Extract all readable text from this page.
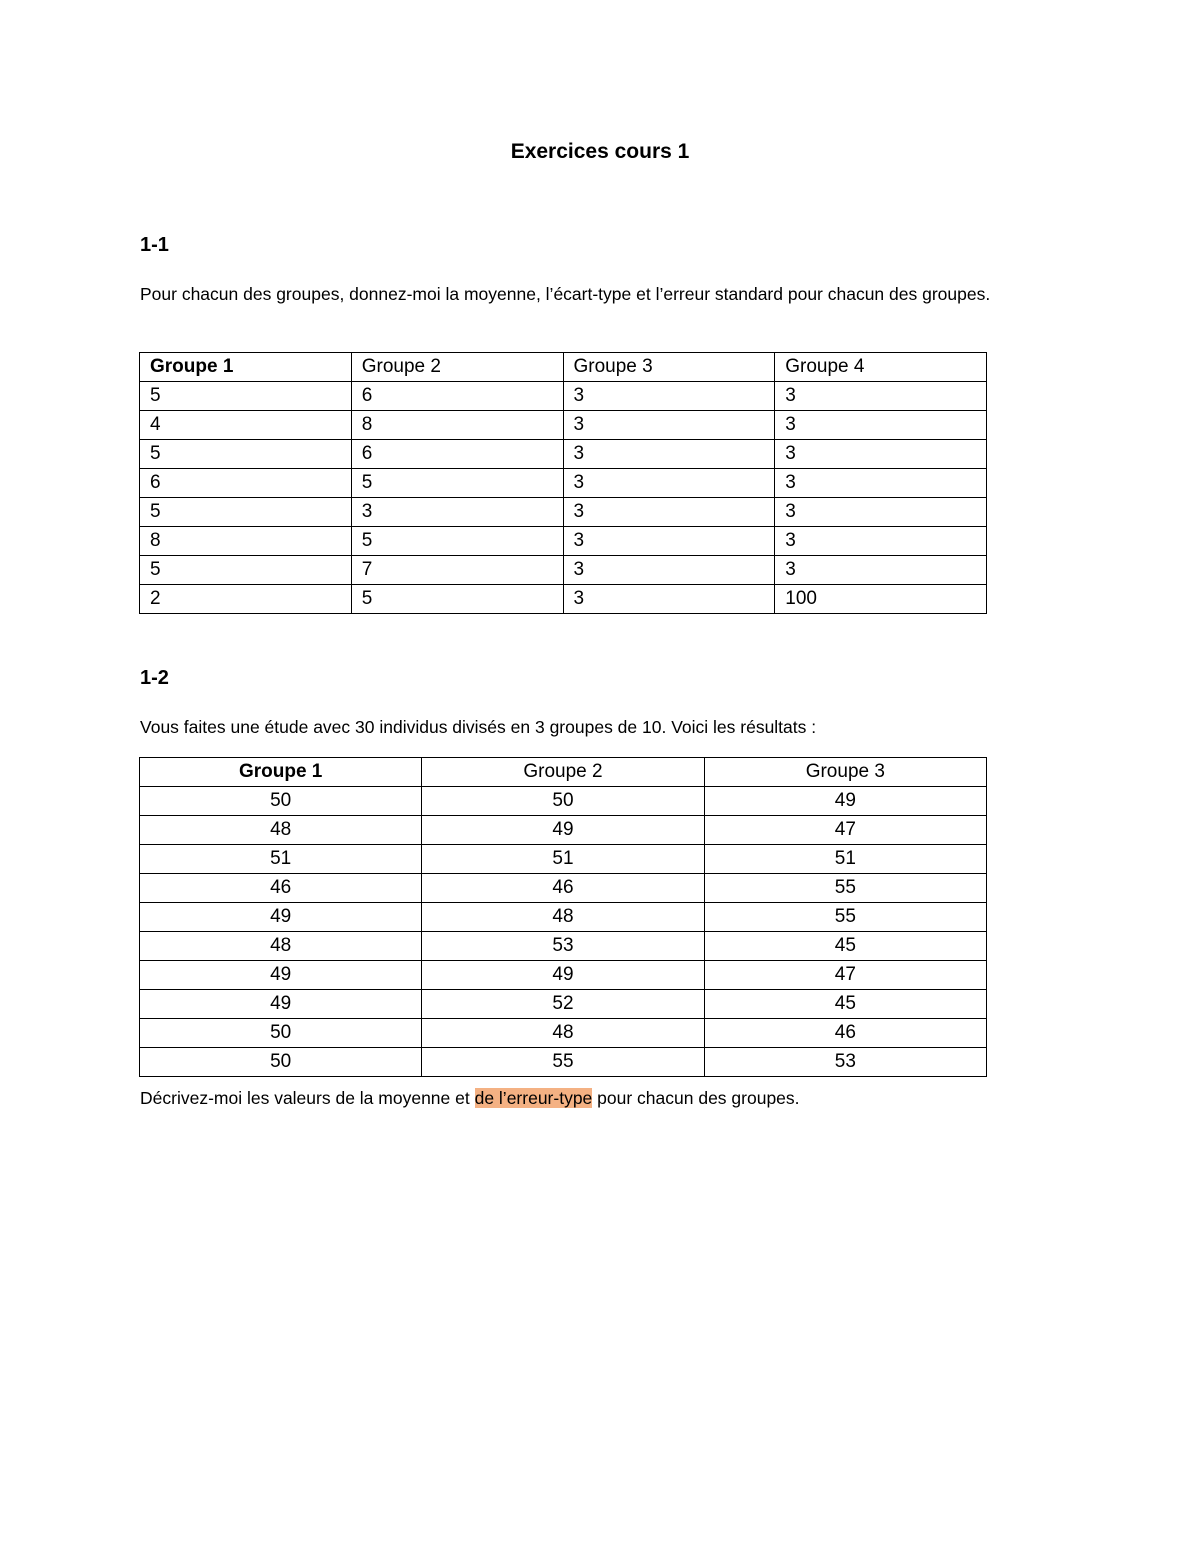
Exercices cours 1
1-1

Pour chacun des groupes, donnez-moi la moyenne, l’écart-type et l’erreur standard pour chacun des groupes.

Groupe 1	Groupe 2	Groupe 3	Groupe 4
5	6	3	3
4	8	3	3
5	6	3	3
6	5	3	3
5	3	3	3
8	5	3	3
5	7	3	3
2	5	3	100
1-2

Vous faites une étude avec 30 individus divisés en 3 groupes de 10. Voici les résultats :

Groupe 1	Groupe 2	Groupe 3
50	50	49
48	49	47
51	51	51
46	46	55
49	48	55
48	53	45
49	49	47
49	52	45
50	48	46
50	55	53

Décrivez-moi les valeurs de la moyenne et de l’erreur-type pour chacun des groupes.
